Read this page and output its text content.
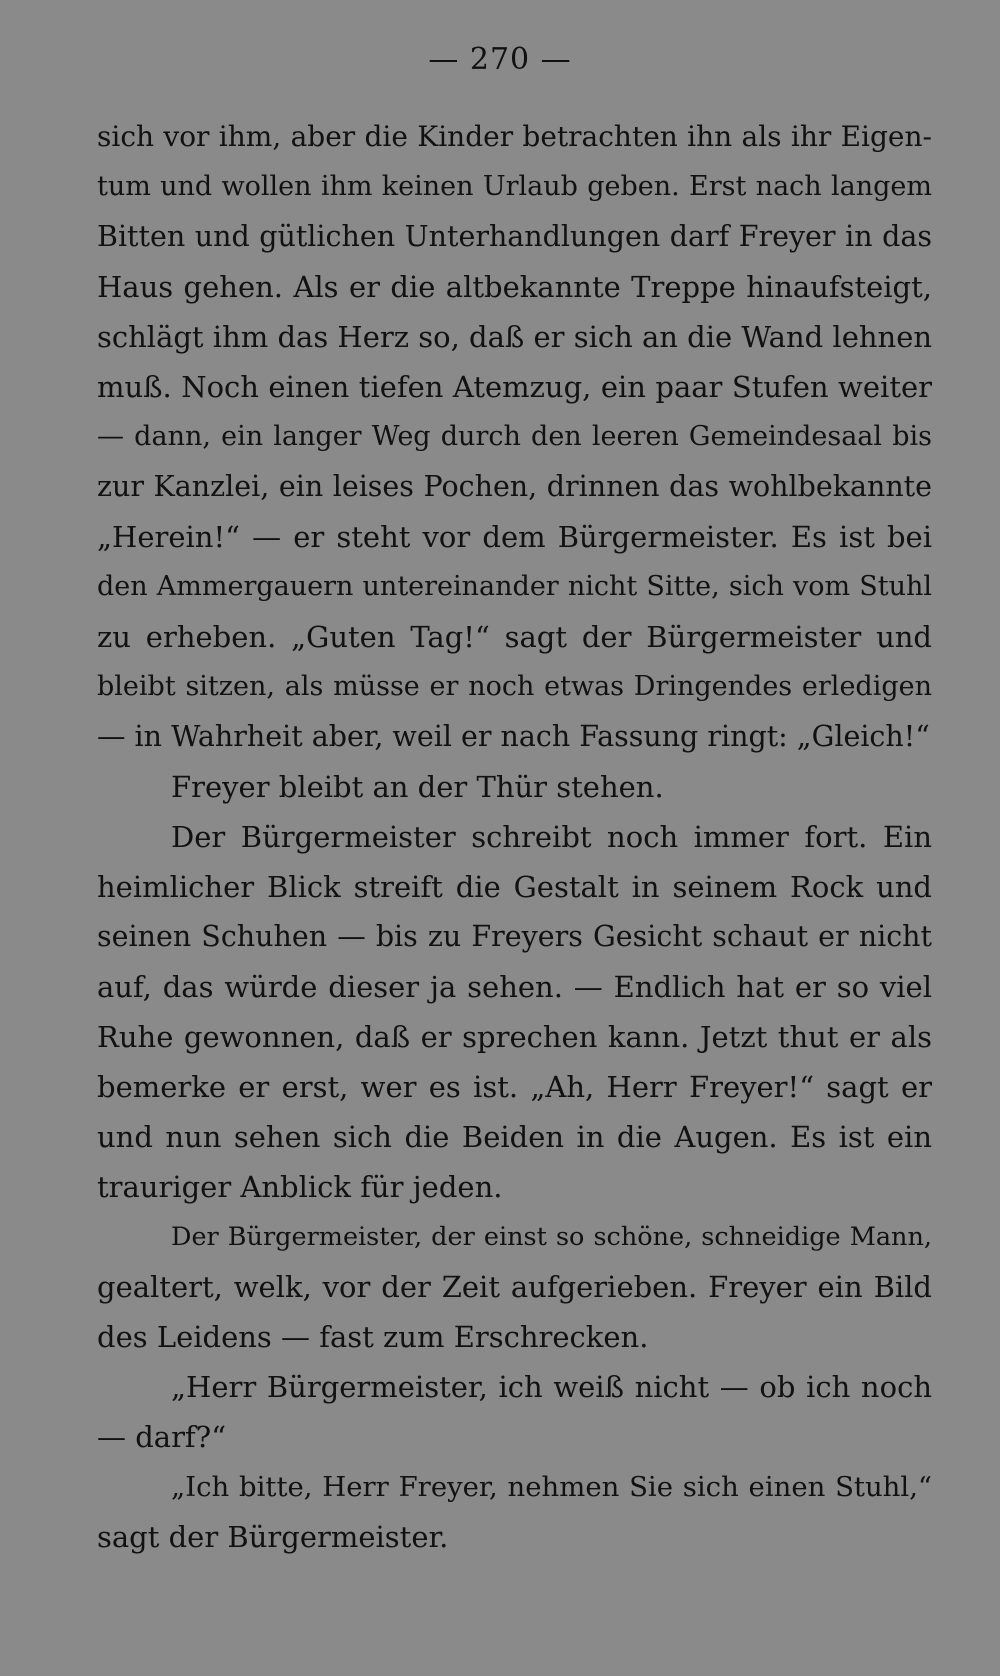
— 270 —
sich vor ihm, aber die Kinder betrachten ihn als ihr Eigen-
tum und wollen ihm keinen Urlaub geben. Erst nach langem
Bitten und gütlichen Unterhandlungen darf Freyer in das
Haus gehen. Als er die altbekannte Treppe hinaufsteigt,
schlägt ihm das Herz so, daß er sich an die Wand lehnen
muß. Noch einen tiefen Atemzug, ein paar Stufen weiter
— dann, ein langer Weg durch den leeren Gemeindesaal bis
zur Kanzlei, ein leises Pochen, drinnen das wohlbekannte
„Herein!“ — er steht vor dem Bürgermeister. Es ist bei
den Ammergauern untereinander nicht Sitte, sich vom Stuhl
zu erheben. „Guten Tag!“ sagt der Bürgermeister und
bleibt sitzen, als müsse er noch etwas Dringendes erledigen
— in Wahrheit aber, weil er nach Fassung ringt: „Gleich!“
Freyer bleibt an der Thür stehen.
Der Bürgermeister schreibt noch immer fort. Ein
heimlicher Blick streift die Gestalt in seinem Rock und
seinen Schuhen — bis zu Freyers Gesicht schaut er nicht
auf, das würde dieser ja sehen. — Endlich hat er so viel
Ruhe gewonnen, daß er sprechen kann. Jetzt thut er als
bemerke er erst, wer es ist. „Ah, Herr Freyer!“ sagt er
und nun sehen sich die Beiden in die Augen. Es ist ein
trauriger Anblick für jeden.
Der Bürgermeister, der einst so schöne, schneidige Mann,
gealtert, welk, vor der Zeit aufgerieben. Freyer ein Bild
des Leidens — fast zum Erschrecken.
„Herr Bürgermeister, ich weiß nicht — ob ich noch
— darf?“
„Ich bitte, Herr Freyer, nehmen Sie sich einen Stuhl,“
sagt der Bürgermeister.
